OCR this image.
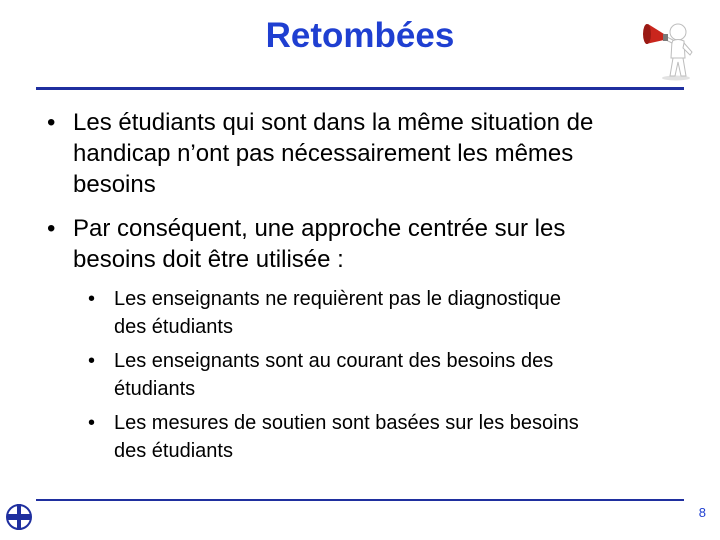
Retombées
• Les étudiants qui sont dans la même situation de
handicap n’ont pas nécessairement les mêmes
besoins
• Par conséquent, une approche centrée sur les
besoins doit être utilisée :
• Les enseignants ne requièrent pas le diagnostique
des étudiants
• Les enseignants sont au courant des besoins des
étudiants
• Les mesures de soutien sont basées sur les besoins
des étudiants
8
